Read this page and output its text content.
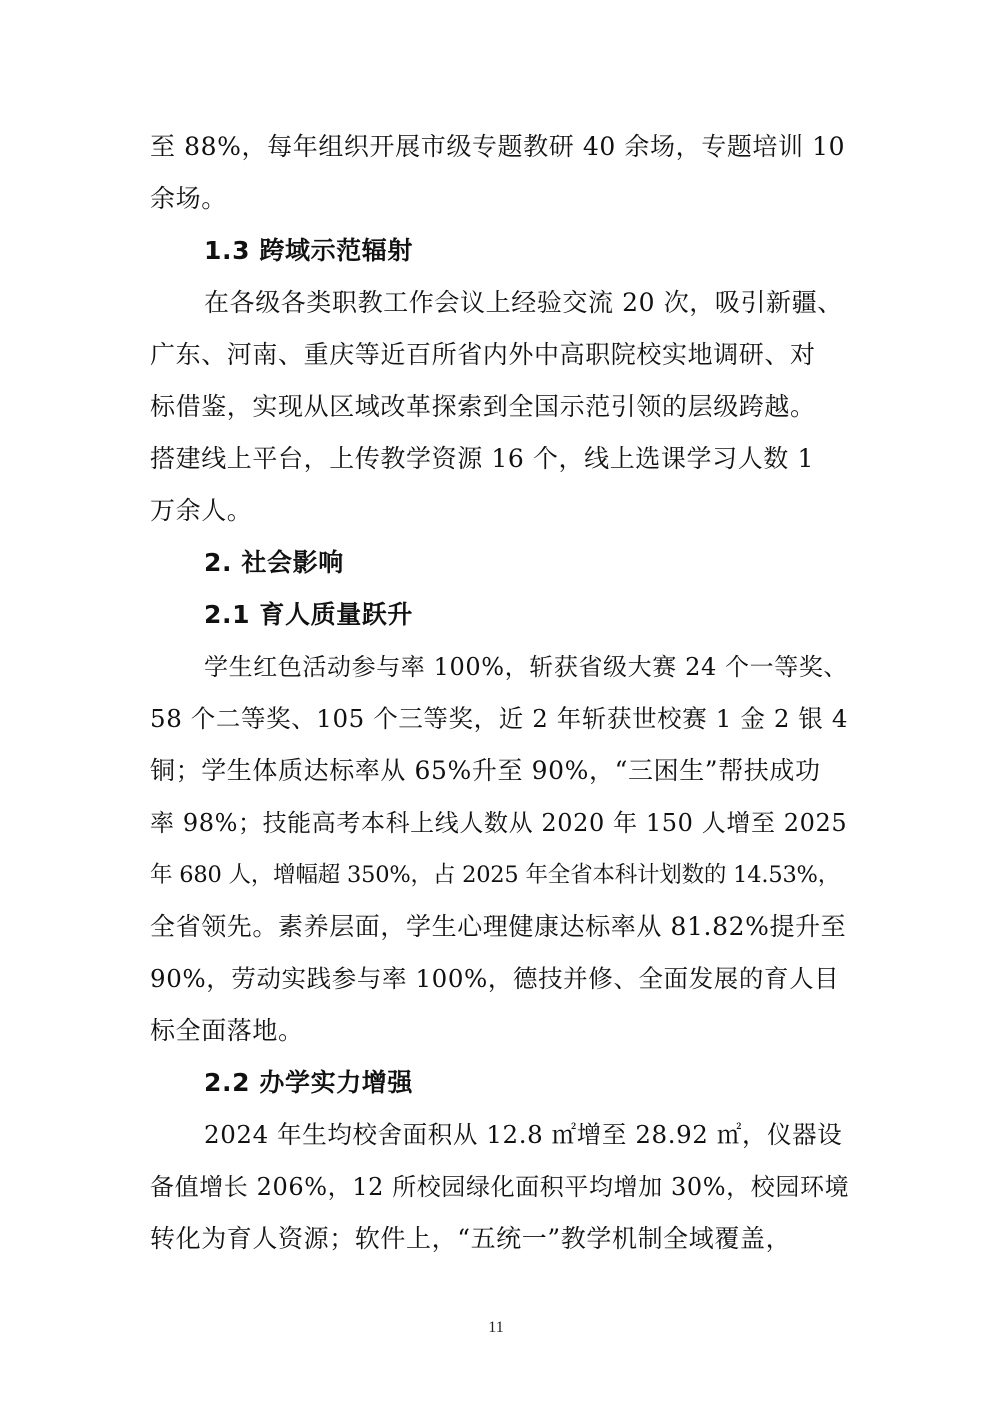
至 88%，每年组织开展市级专题教研 40 余场，专题培训 10
余场。
1.3 跨域示范辐射
在各级各类职教工作会议上经验交流 20 次，吸引新疆、
广东、河南、重庆等近百所省内外中高职院校实地调研、对
标借鉴，实现从区域改革探索到全国示范引领的层级跨越。
搭建线上平台，上传教学资源 16 个，线上选课学习人数 1
万余人。
2. 社会影响
2.1 育人质量跃升
学生红色活动参与率 100%，斩获省级大赛 24 个一等奖、
58 个二等奖、105 个三等奖，近 2 年斩获世校赛 1 金 2 银 4
铜；学生体质达标率从 65%升至 90%，“三困生”帮扶成功
率 98%；技能高考本科上线人数从 2020 年 150 人增至 2025
年 680 人，增幅超 350%，占 2025 年全省本科计划数的 14.53%，
全省领先。素养层面，学生心理健康达标率从 81.82%提升至
90%，劳动实践参与率 100%，德技并修、全面发展的育人目
标全面落地。
2.2 办学实力增强
2024 年生均校舍面积从 12.8 ㎡增至 28.92 ㎡，仪器设
备值增长 206%，12 所校园绿化面积平均增加 30%，校园环境
转化为育人资源；软件上，“五统一”教学机制全域覆盖，
11
